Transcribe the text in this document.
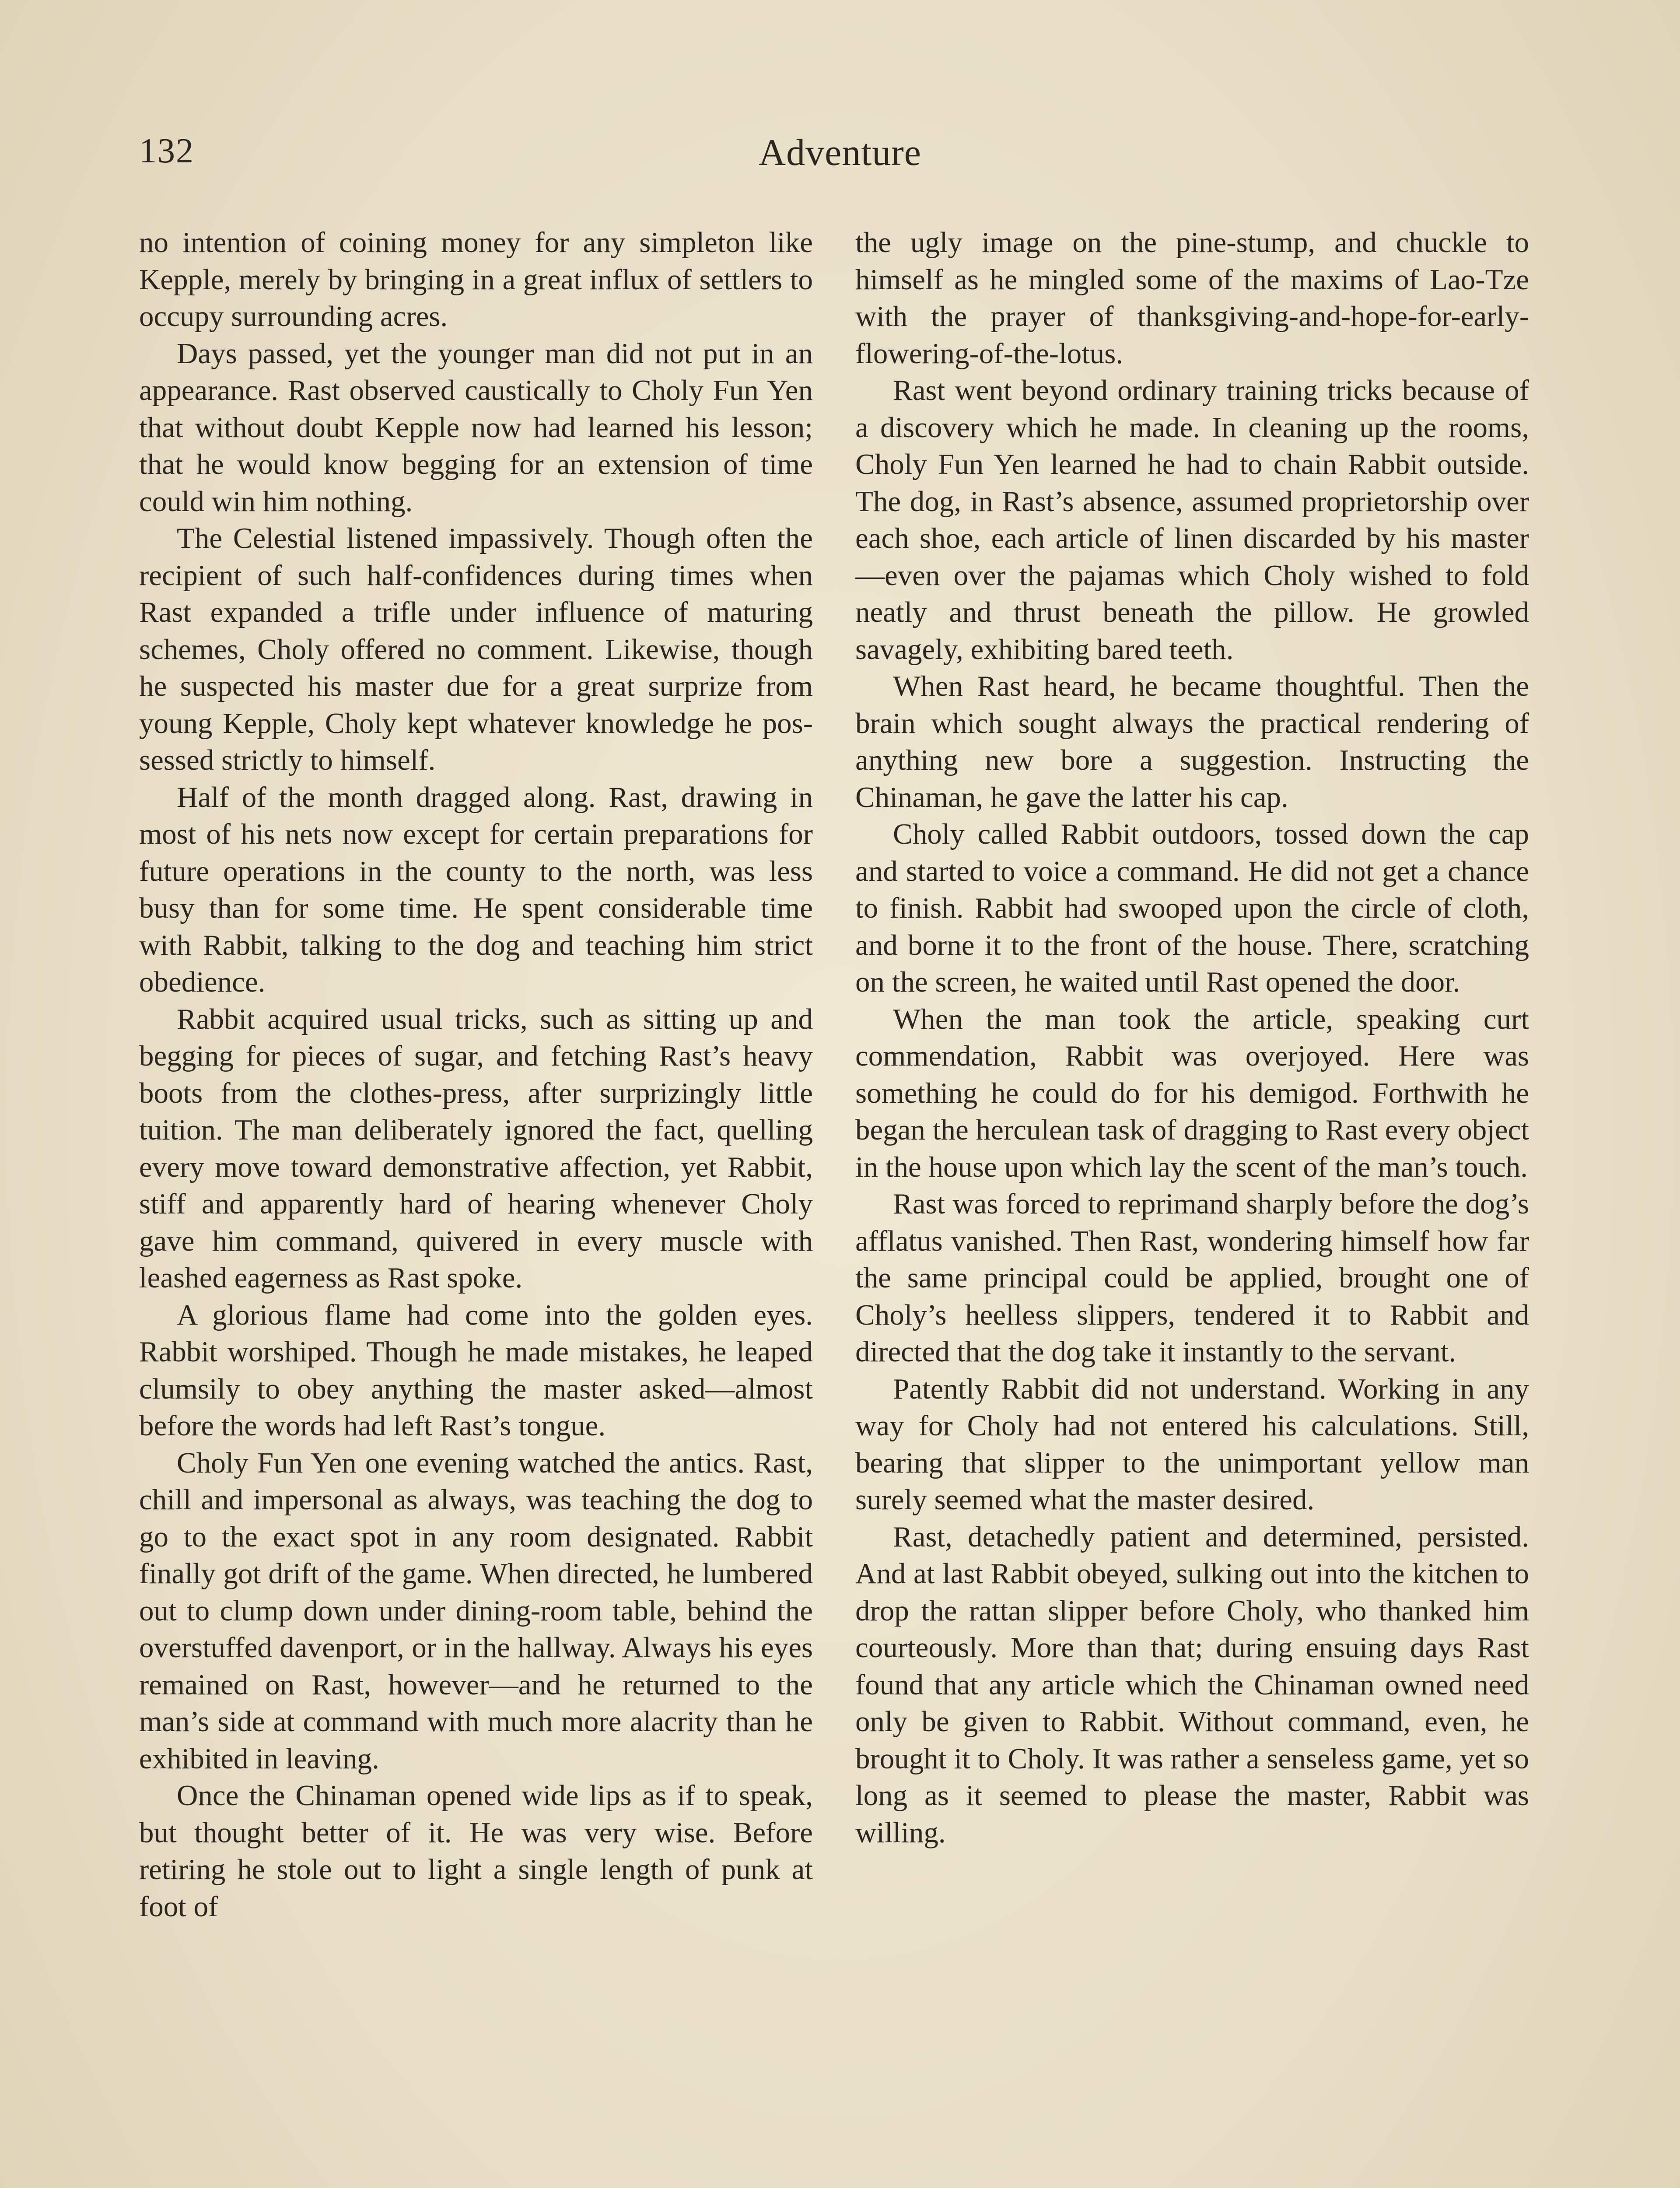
132	Adventure

no intention of coining money for any simpleton like Kepple, merely by bringing in a great influx of settlers to occupy surrounding acres.

Days passed, yet the younger man did not put in an appearance. Rast observed caustically to Choly Fun Yen that without doubt Kepple now had learned his lesson; that he would know begging for an extension of time could win him nothing.

The Celestial listened impassively. Though often the recipient of such half-confidences during times when Rast expanded a trifle under influence of maturing schemes, Choly offered no comment. Likewise, though he suspected his master due for a great surprize from young Kepple, Choly kept whatever knowledge he possessed strictly to himself.

Half of the month dragged along. Rast, drawing in most of his nets now except for certain preparations for future operations in the county to the north, was less busy than for some time. He spent considerable time with Rabbit, talking to the dog and teaching him strict obedience.

Rabbit acquired usual tricks, such as sitting up and begging for pieces of sugar, and fetching Rast’s heavy boots from the clothes-press, after surprizingly little tuition. The man deliberately ignored the fact, quelling every move toward demonstrative affection, yet Rabbit, stiff and apparently hard of hearing whenever Choly gave him command, quivered in every muscle with leashed eagerness as Rast spoke.

A glorious flame had come into the golden eyes. Rabbit worshiped. Though he made mistakes, he leaped clumsily to obey anything the master asked—almost before the words had left Rast’s tongue.

Choly Fun Yen one evening watched the antics. Rast, chill and impersonal as always, was teaching the dog to go to the exact spot in any room designated. Rabbit finally got drift of the game. When directed, he lumbered out to clump down under dining-room table, behind the overstuffed davenport, or in the hallway. Always his eyes remained on Rast, however—and he returned to the man’s side at command with much more alacrity than he exhibited in leaving.

Once the Chinaman opened wide lips as if to speak, but thought better of it. He was very wise. Before retiring he stole out to light a single length of punk at foot of

the ugly image on the pine-stump, and chuckle to himself as he mingled some of the maxims of Lao-Tze with the prayer of thanksgiving-and-hope-for-early-flowering-of-the-lotus.

Rast went beyond ordinary training tricks because of a discovery which he made. In cleaning up the rooms, Choly Fun Yen learned he had to chain Rabbit outside. The dog, in Rast’s absence, assumed proprietorship over each shoe, each article of linen discarded by his master—even over the pajamas which Choly wished to fold neatly and thrust beneath the pillow. He growled savagely, exhibiting bared teeth.

When Rast heard, he became thoughtful. Then the brain which sought always the practical rendering of anything new bore a suggestion. Instructing the Chinaman, he gave the latter his cap.

Choly called Rabbit outdoors, tossed down the cap and started to voice a command. He did not get a chance to finish. Rabbit had swooped upon the circle of cloth, and borne it to the front of the house. There, scratching on the screen, he waited until Rast opened the door.

When the man took the article, speaking curt commendation, Rabbit was overjoyed. Here was something he could do for his demigod. Forthwith he began the herculean task of dragging to Rast every object in the house upon which lay the scent of the man’s touch.

Rast was forced to reprimand sharply before the dog’s afflatus vanished. Then Rast, wondering himself how far the same principal could be applied, brought one of Choly’s heelless slippers, tendered it to Rabbit and directed that the dog take it instantly to the servant.

Patently Rabbit did not understand. Working in any way for Choly had not entered his calculations. Still, bearing that slipper to the unimportant yellow man surely seemed what the master desired.

Rast, detachedly patient and determined, persisted. And at last Rabbit obeyed, sulking out into the kitchen to drop the rattan slipper before Choly, who thanked him courteously. More than that; during ensuing days Rast found that any article which the Chinaman owned need only be given to Rabbit. Without command, even, he brought it to Choly. It was rather a senseless game, yet so long as it seemed to please the master, Rabbit was willing.
